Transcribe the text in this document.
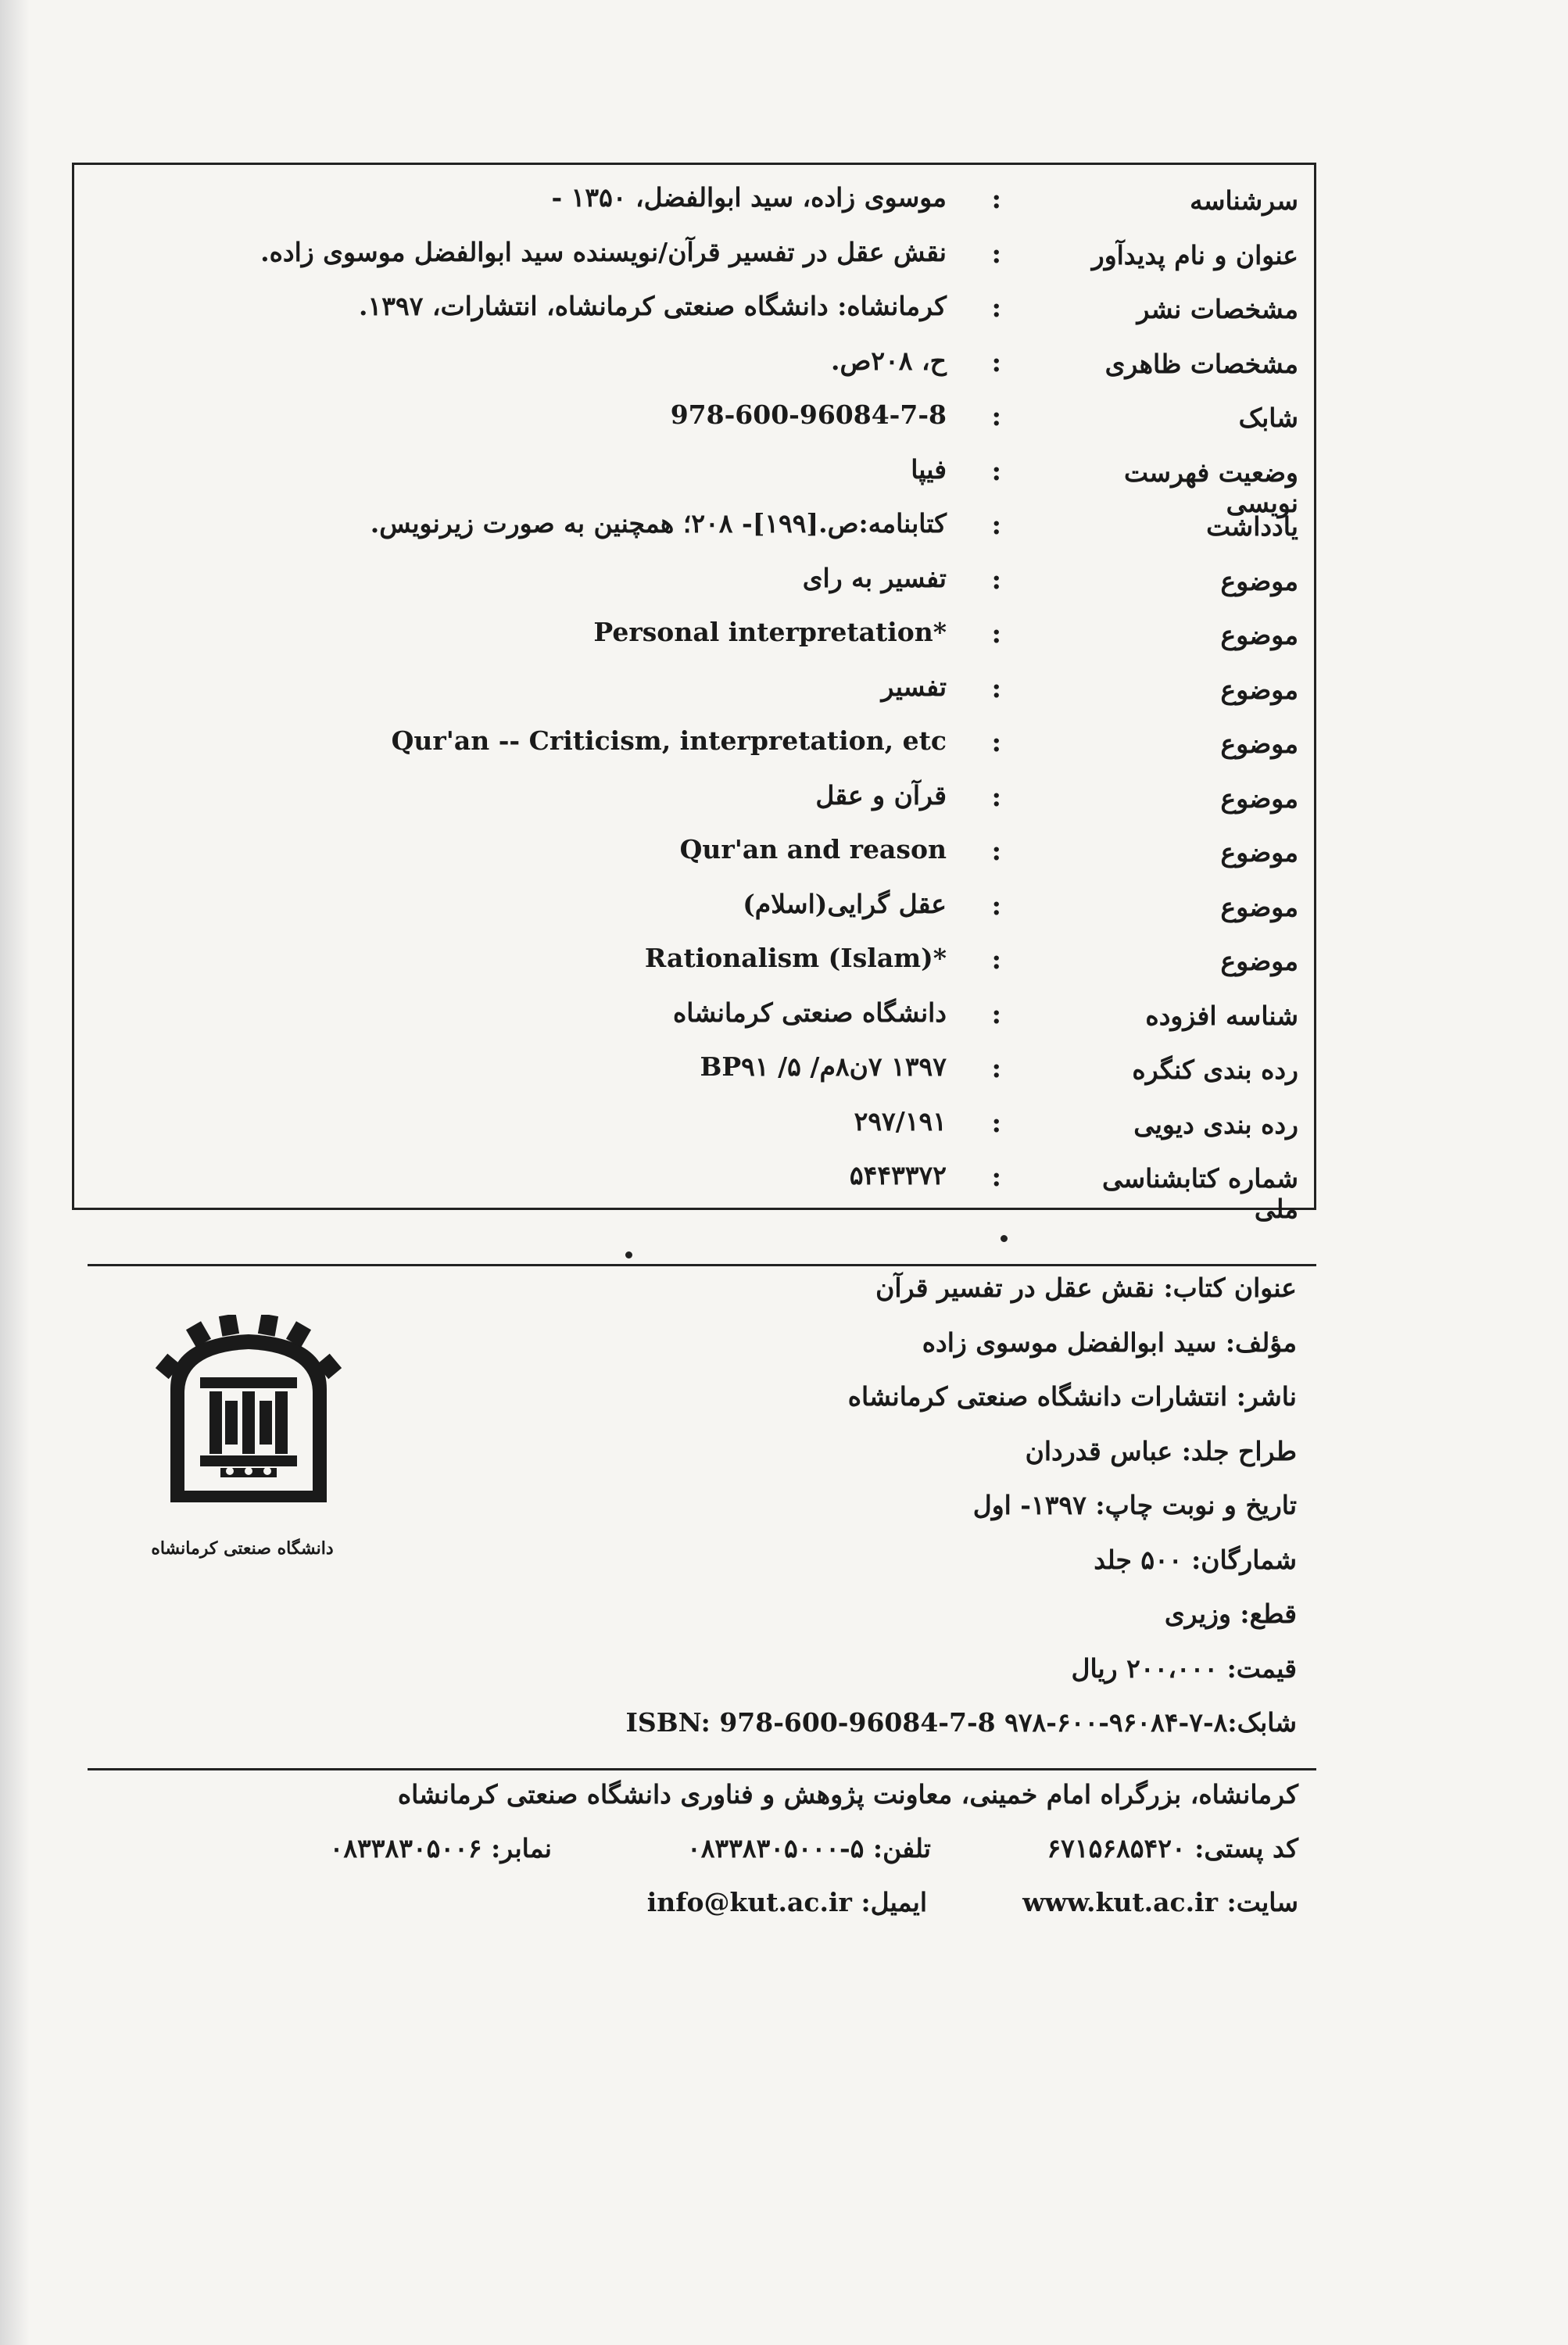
سرشناسه
:
موسوی زاده، سید ابوالفضل، ۱۳۵۰ -
عنوان و نام پدیدآور
:
نقش عقل در تفسیر قرآن/نویسنده سید ابوالفضل موسوی زاده.
مشخصات نشر
:
کرمانشاه: دانشگاه صنعتی کرمانشاه، انتشارات، ۱۳۹۷.
مشخصات ظاهری
:
ح، ۲۰۸ص.
شابک
:
978-600-96084-7-8
وضعیت فهرست نویسی
:
فیپا
یادداشت
:
کتابنامه:ص.[۱۹۹]- ۲۰۸؛ همچنین به صورت زیرنویس.
موضوع
:
تفسیر به رای
موضوع
:
Personal interpretation*
موضوع
:
تفسیر
موضوع
:
Qur'an -- Criticism, interpretation, etc
موضوع
:
قرآن و عقل
موضوع
:
Qur'an and reason
موضوع
:
عقل گرایی(اسلام)
موضوع
:
Rationalism (Islam)*
شناسه افزوده
:
دانشگاه صنعتی کرمانشاه
رده بندی کنگره
:
۱۳۹۷ ۷ن۸م/ ۵/ BP۹۱
رده بندی دیویی
:
۲۹۷/۱۹۱
شماره کتابشناسی ملی
:
۵۴۴۳۳۷۲
عنوان کتاب: نقش عقل در تفسیر قرآن
مؤلف: سید ابوالفضل موسوی زاده
ناشر: انتشارات دانشگاه صنعتی کرمانشاه
طراح جلد: عباس قدردان
تاریخ و نوبت چاپ: ۱۳۹۷- اول
شمارگان: ۵۰۰ جلد
قطع: وزیری
قیمت: ۲۰۰،۰۰۰ ریال
شابک:۸-۷-۹۶۰۸۴-۶۰۰-۹۷۸ ISBN: 978-600-96084-7-8
دانشگاه صنعتی کرمانشاه
کرمانشاه، بزرگراه امام خمینی، معاونت پژوهش و فناوری دانشگاه صنعتی کرمانشاه
کد پستی: ۶۷۱۵۶۸۵۴۲۰
تلفن: ۵-۰۸۳۳۸۳۰۵۰۰۰
نمابر: ۰۸۳۳۸۳۰۵۰۰۶
سایت: www.kut.ac.ir
ایمیل: info@kut.ac.ir
